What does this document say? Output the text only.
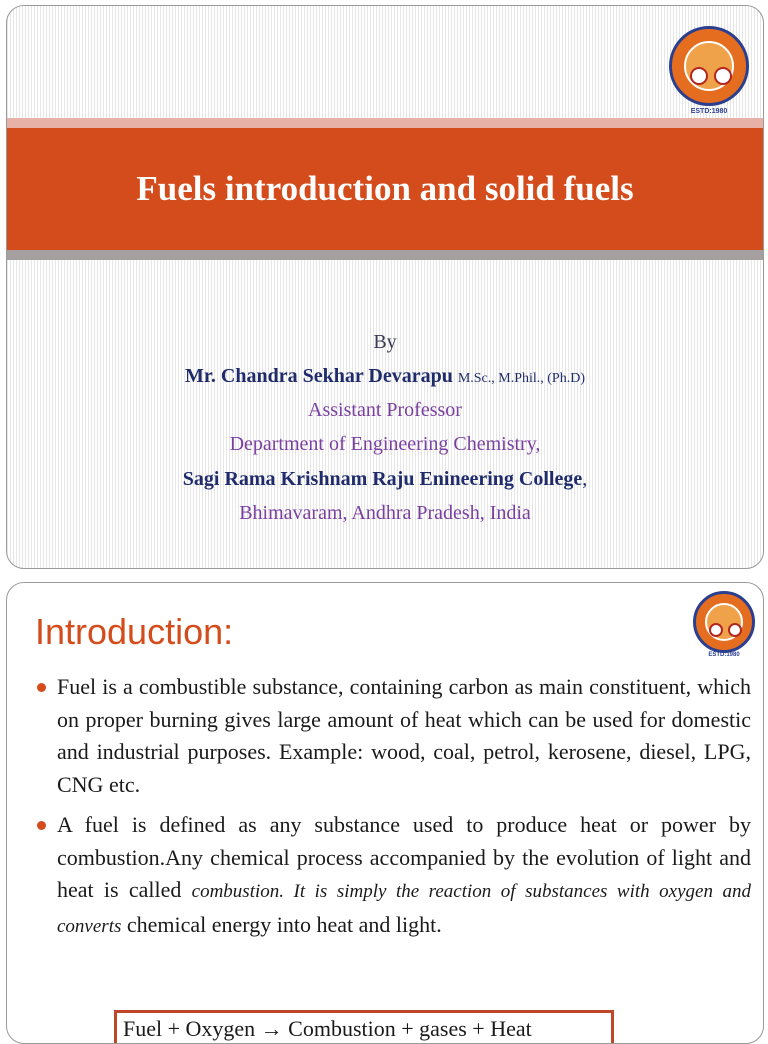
ESTD:1980
Fuels introduction and solid fuels

By

Mr. Chandra Sekhar Devarapu M.Sc., M.Phil., (Ph.D)

Assistant Professor

Department of Engineering Chemistry,

Sagi Rama Krishnam Raju Enineering College,

Bhimavaram, Andhra Pradesh, India

ESTD:1980
Introduction:
Fuel is a combustible substance, containing carbon as main constituent, which on proper burning gives large amount of heat which can be used for domestic and industrial purposes. Example: wood, coal, petrol, kerosene, diesel, LPG, CNG etc.
A fuel is defined as any substance used to produce heat or power by combustion.Any chemical process accompanied by the evolution of light and heat is called combustion. It is simply the reaction of substances with oxygen and converts chemical energy into heat and light.
Fuel + Oxygen → Combustion + gases + Heat
